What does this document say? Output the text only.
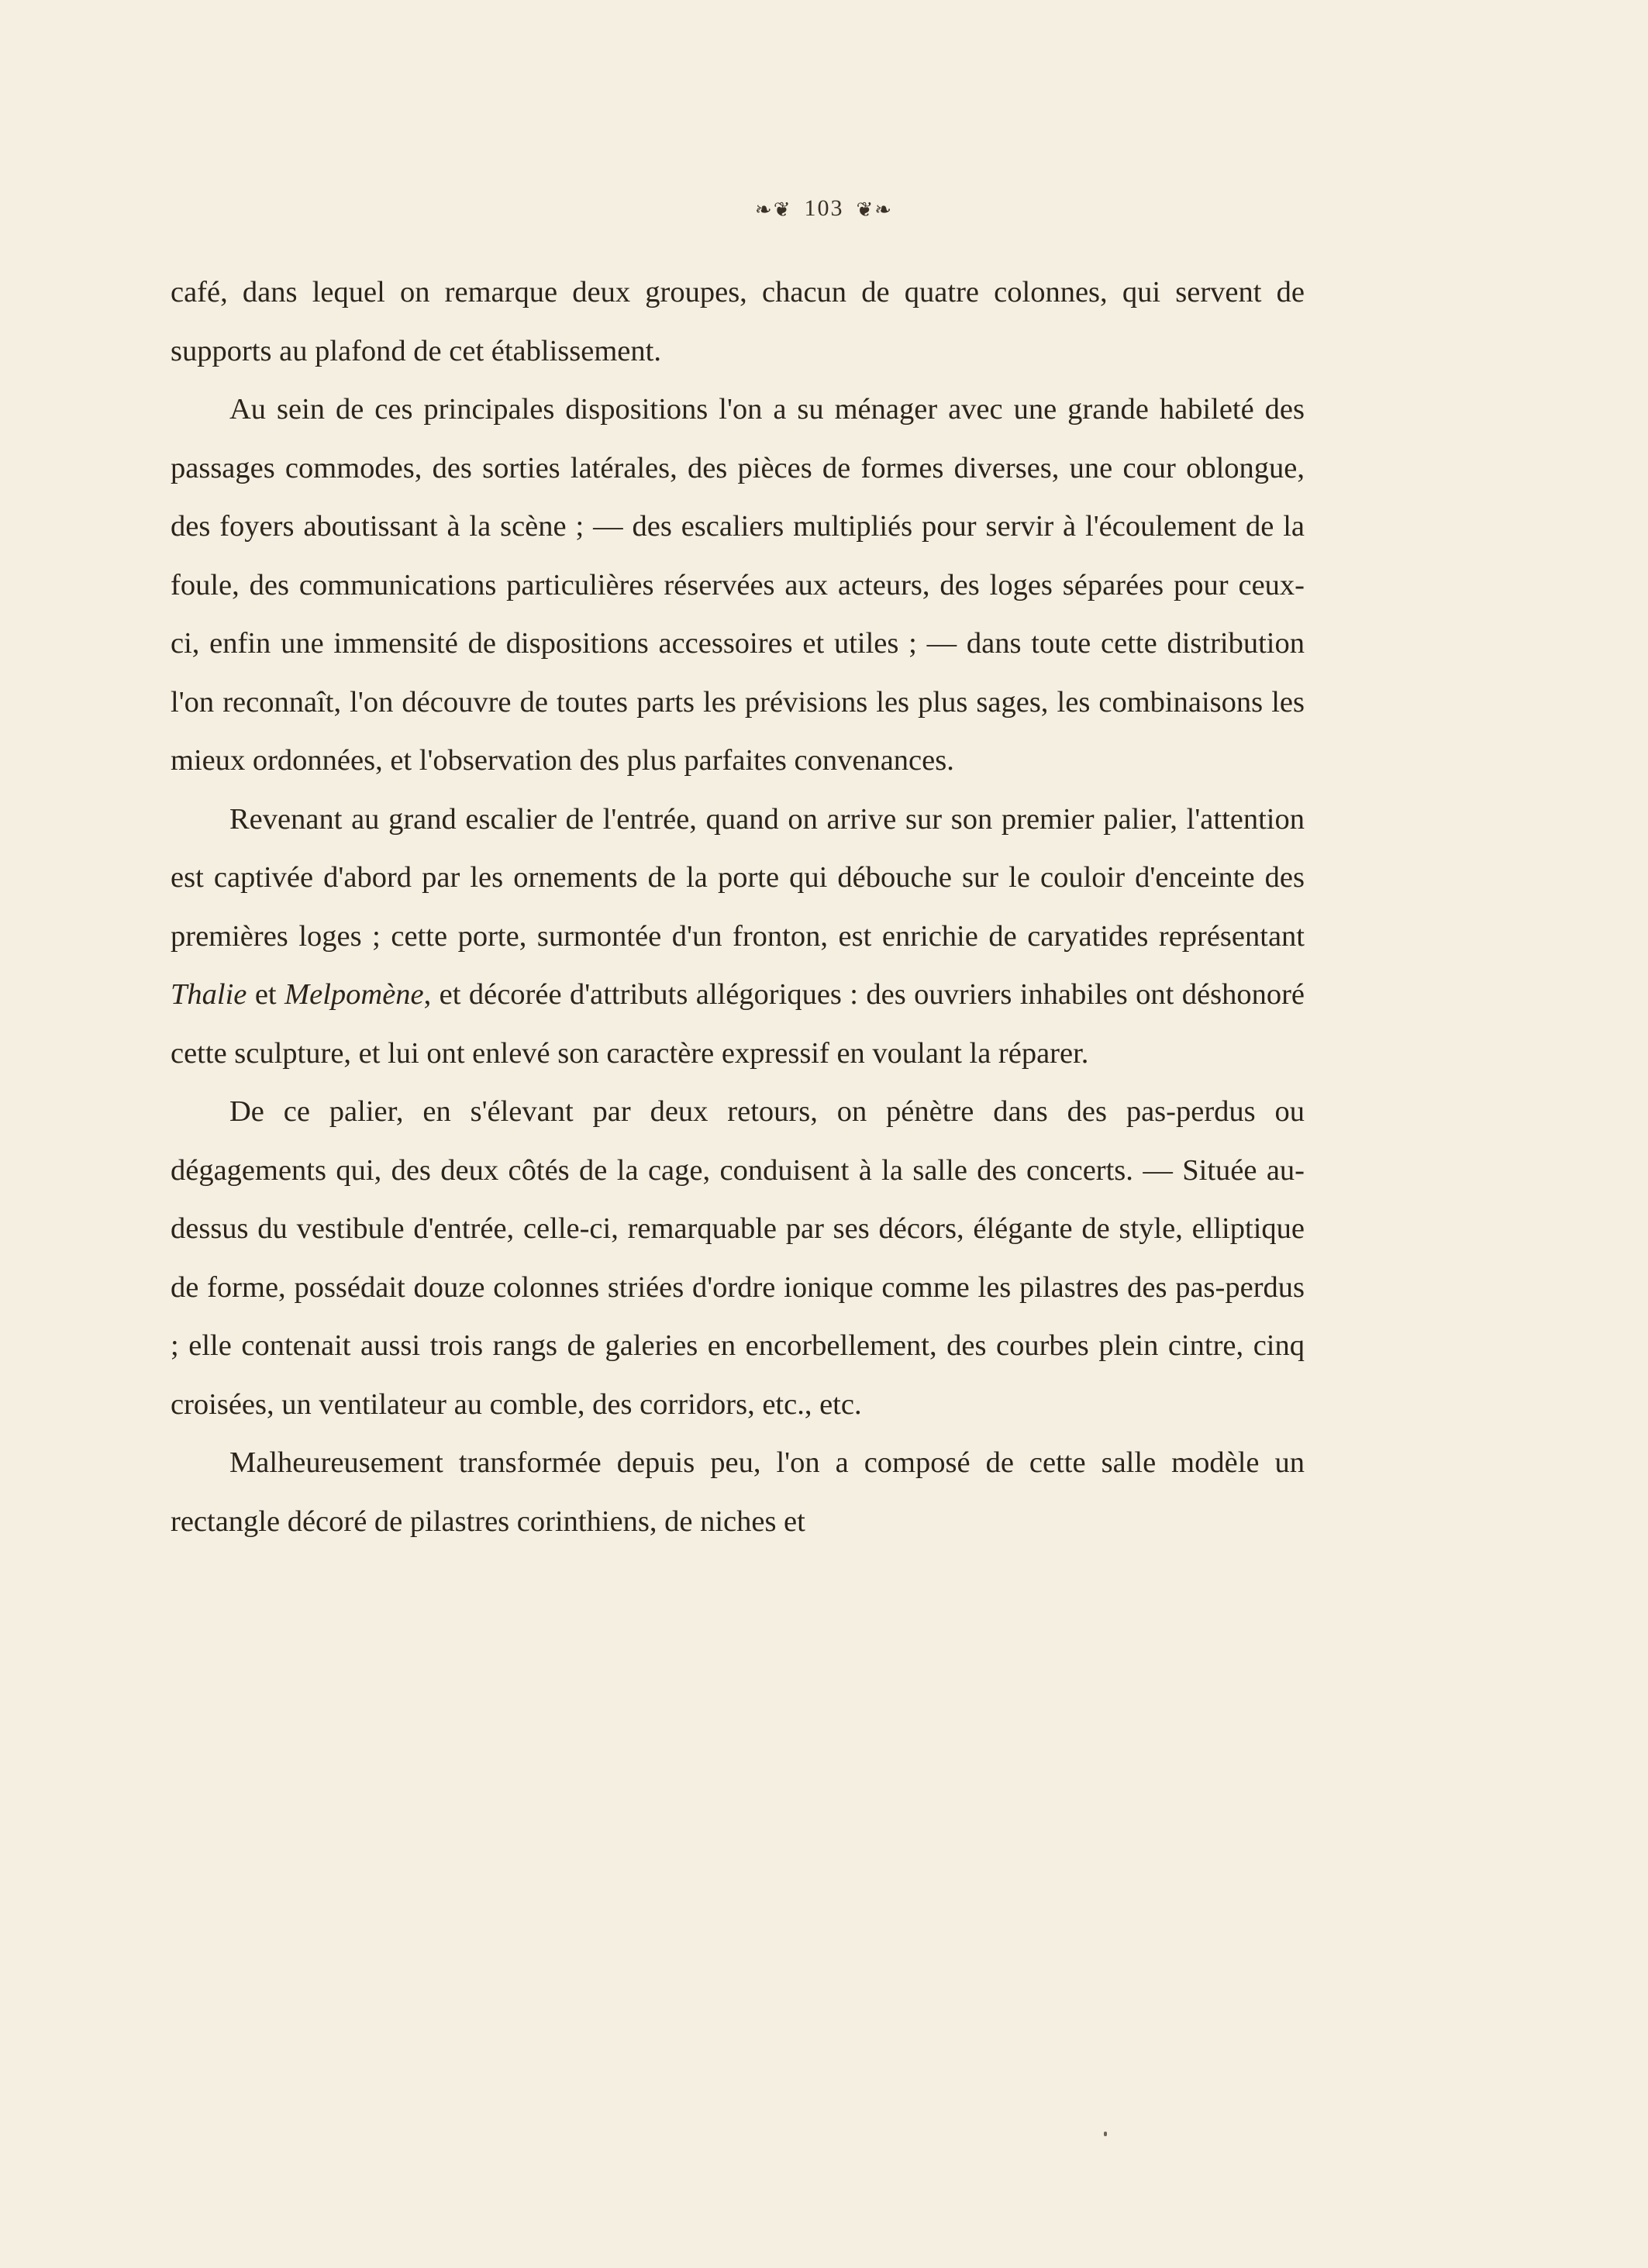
❧❦ 103 ❦❧

café, dans lequel on remarque deux groupes, chacun de quatre colonnes, qui servent de supports au plafond de cet établissement.

Au sein de ces principales dispositions l'on a su ménager avec une grande habileté des passages commodes, des sorties latérales, des pièces de formes diverses, une cour oblongue, des foyers aboutissant à la scène ; — des escaliers multipliés pour servir à l'écoulement de la foule, des communications particulières réservées aux acteurs, des loges séparées pour ceux-ci, enfin une immensité de dispositions accessoires et utiles ; — dans toute cette distribution l'on reconnaît, l'on découvre de toutes parts les prévisions les plus sages, les combinaisons les mieux ordonnées, et l'observation des plus parfaites convenances.

Revenant au grand escalier de l'entrée, quand on arrive sur son premier palier, l'attention est captivée d'abord par les ornements de la porte qui débouche sur le couloir d'enceinte des premières loges ; cette porte, surmontée d'un fronton, est enrichie de caryatides représentant Thalie et Melpomène, et décorée d'attributs allégoriques : des ouvriers inhabiles ont déshonoré cette sculpture, et lui ont enlevé son caractère expressif en voulant la réparer.

De ce palier, en s'élevant par deux retours, on pénètre dans des pas-perdus ou dégagements qui, des deux côtés de la cage, conduisent à la salle des concerts. — Située au-dessus du vestibule d'entrée, celle-ci, remarquable par ses décors, élégante de style, elliptique de forme, possédait douze colonnes striées d'ordre ionique comme les pilastres des pas-perdus ; elle contenait aussi trois rangs de galeries en encorbellement, des courbes plein cintre, cinq croisées, un ventilateur au comble, des corridors, etc., etc.

Malheureusement transformée depuis peu, l'on a composé de cette salle modèle un rectangle décoré de pilastres corinthiens, de niches et
